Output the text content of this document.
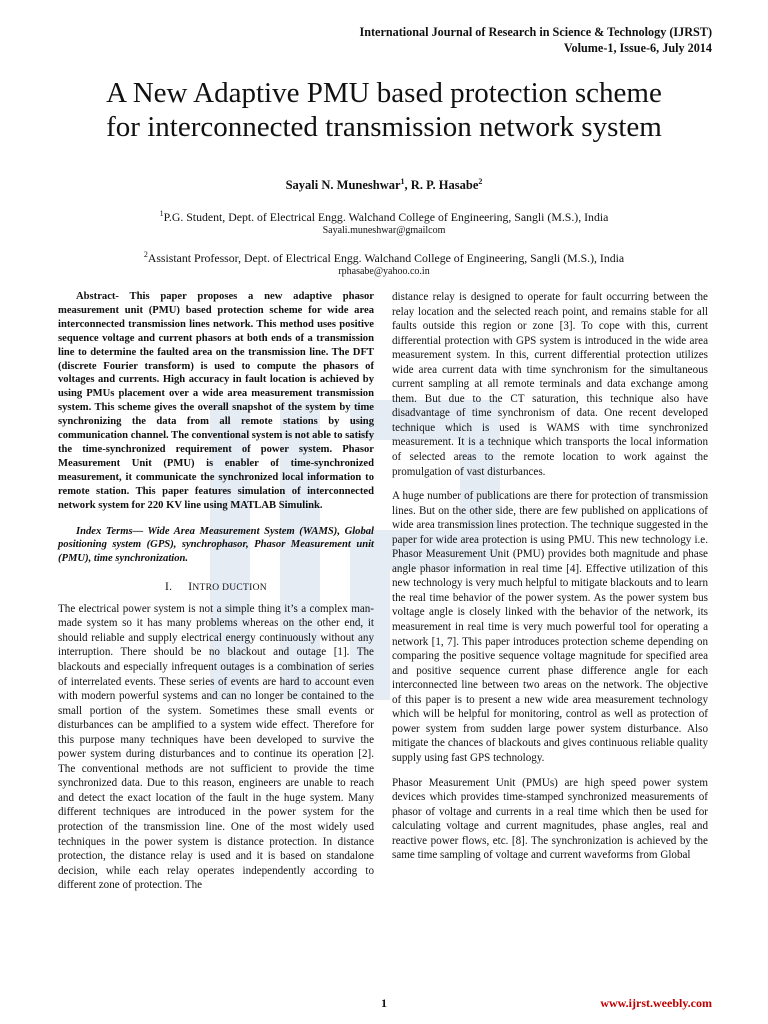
International Journal of Research in Science & Technology (IJRST)
Volume-1, Issue-6, July 2014
A New Adaptive PMU based protection scheme
for interconnected transmission network system
Sayali N. Muneshwar$^1$, R. P. Hasabe$^2$
$^1$P.G. Student, Dept. of Electrical Engg. Walchand College of Engineering, Sangli (M.S.), India
Sayali.muneshwar@gmailcom
$^2$Assistant Professor, Dept. of Electrical Engg. Walchand College of Engineering, Sangli (M.S.), India
rphasabe@yahoo.co.in

Abstract- This paper proposes a new adaptive phasor measurement unit (PMU) based protection scheme for wide area interconnected transmission lines network. This method uses positive sequence voltage and current phasors at both ends of a transmission line to determine the faulted area on the transmission line. The DFT (discrete Fourier transform) is used to compute the phasors of voltages and currents. High accuracy in fault location is achieved by using PMUs placement over a wide area measurement transmission system. This scheme gives the overall snapshot of the system by time synchronizing the data from all remote stations by using communication channel. The conventional system is not able to satisfy the time-synchronized requirement of power system. Phasor Measurement Unit (PMU) is enabler of time-synchronized measurement, it communicate the synchronized local information to remote station. This paper features simulation of interconnected network system for 220 KV line using MATLAB Simulink.

Index Terms— Wide Area Measurement System (WAMS), Global positioning system (GPS), synchrophasor, Phasor Measurement unit (PMU), time synchronization.

I. INTRO DUCTION

The electrical power system is not a simple thing it’s a complex man-made system so it has many problems whereas on the other end, it should reliable and supply electrical energy continuously without any interruption. There should be no blackout and outage [1]. The blackouts and especially infrequent outages is a combination of series of interrelated events. These series of events are hard to account even with modern powerful systems and can no longer be contained to the small portion of the system. Sometimes these small events or disturbances can be amplified to a system wide effect. Therefore for this purpose many techniques have been developed to survive the power system during disturbances and to continue its operation [2]. The conventional methods are not sufficient to provide the time synchronized data. Due to this reason, engineers are unable to reach and detect the exact location of the fault in the huge system. Many different techniques are introduced in the power system for the protection of the transmission line. One of the most widely used techniques in the power system is distance protection. In distance protection, the distance relay is used and it is based on standalone decision, while each relay operates independently according to different zone of protection. The

distance relay is designed to operate for fault occurring between the relay location and the selected reach point, and remains stable for all faults outside this region or zone [3]. To cope with this, current differential protection with GPS system is introduced in the wide area measurement system. In this, current differential protection utilizes wide area current data with time synchronism for the simultaneous current sampling at all remote terminals and data exchange among them. But due to the CT saturation, this technique also have disadvantage of time synchronism of data. One recent developed technique which is used is WAMS with time synchronized measurement. It is a technique which transports the local information of selected areas to the remote location to work against the promulgation of vast disturbances.

A huge number of publications are there for protection of transmission lines. But on the other side, there are few published on applications of wide area transmission lines protection. The technique suggested in the paper for wide area protection is using PMU. This new technology i.e. Phasor Measurement Unit (PMU) provides both magnitude and phase angle phasor information in real time [4]. Effective utilization of this new technology is very much helpful to mitigate blackouts and to learn the real time behavior of the power system. As the power system bus voltage angle is closely linked with the behavior of the network, its measurement in real time is very much powerful tool for operating a network [1, 7]. This paper introduces protection scheme depending on comparing the positive sequence voltage magnitude for specified area and positive sequence current phase difference angle for each interconnected line between two areas on the network. The objective of this paper is to present a new wide area measurement technology which will be helpful for monitoring, control as well as protection of power system from sudden large power system disturbance. Also mitigate the chances of blackouts and gives continuous reliable quality supply using fast GPS technology.

Phasor Measurement Unit (PMUs) are high speed power system devices which provides time-stamped synchronized measurements of phasor of voltage and currents in a real time which then be used for calculating voltage and current magnitudes, phase angles, real and reactive power flows, etc. [8]. The synchronization is achieved by the same time sampling of voltage and current waveforms from Global

1	www.ijrst.weebly.com
